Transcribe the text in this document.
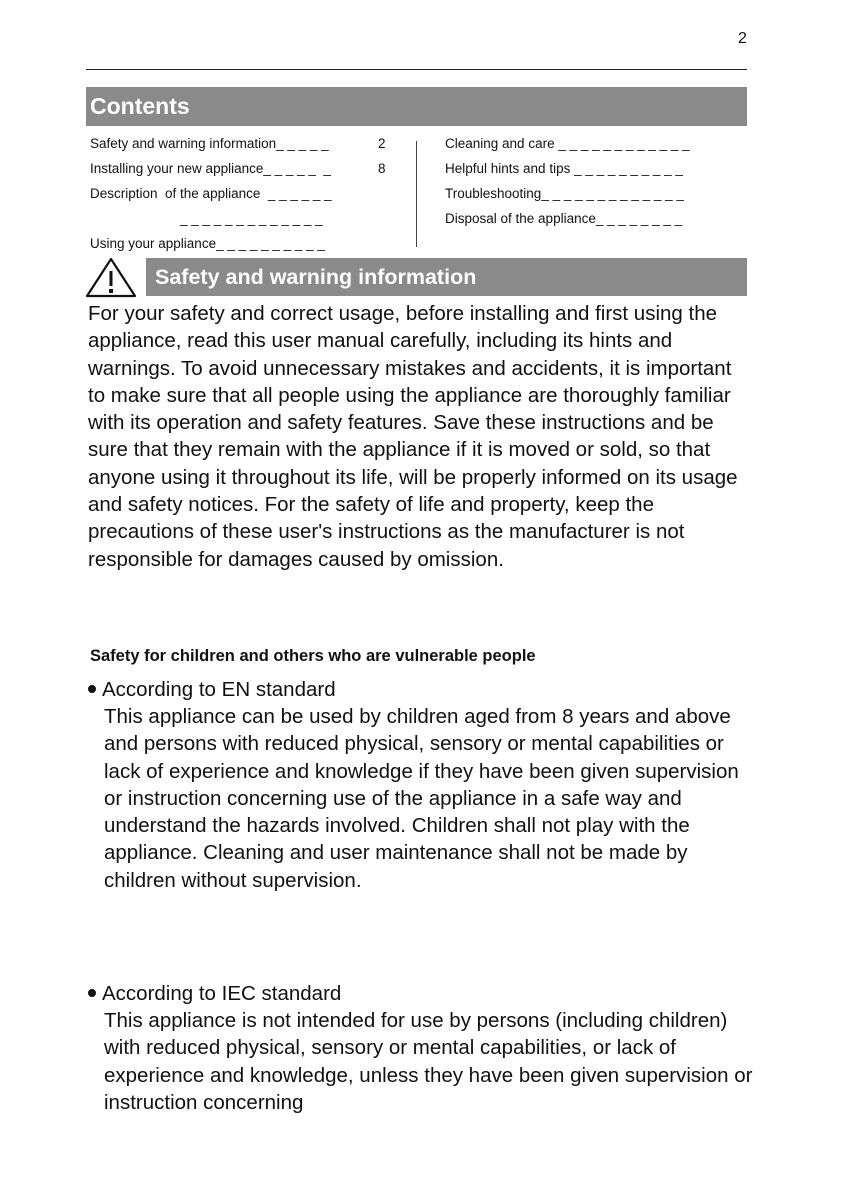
2
Contents
Safety and warning information_ _ _ _ _	2
Installing your new appliance_ _ _ _ _  _	8
Description  of the appliance  _ _ _ _ _ _
_ _ _ _ _ _ _ _ _ _ _ _ _
Using your appliance_ _ _ _ _ _ _ _ _ _
Cleaning and care _ _ _ _ _ _ _ _ _ _ _ _
Helpful hints and tips _ _ _ _ _ _ _ _ _ _
Troubleshooting_ _ _ _ _ _ _ _ _ _ _ _ _
Disposal of the appliance_ _ _ _ _ _ _ _
Safety and warning information

For your safety and correct usage, before installing and first using the appliance, read this user manual carefully, including its hints and warnings. To avoid unnecessary mistakes and accidents, it is important to make sure that all people using the appliance are thoroughly familiar with its operation and safety features. Save these instructions and be sure that they remain with the appliance if it is moved or sold, so that anyone using it throughout its life, will be properly informed on its usage and safety notices. For the safety of life and property, keep the precautions of these user's instructions as the manufacturer is not responsible for damages caused by omission.

Safety for children and others who are vulnerable people
According to EN standard

This appliance can be used by children aged from 8 years and above and persons with reduced physical, sensory or mental capabilities or lack of experience and knowledge if they have been given supervision or instruction concerning use of the appliance in a safe way and understand the hazards involved. Children shall not play with the appliance. Cleaning and user maintenance shall not be made by children without supervision.

According to IEC standard

This appliance is not intended for use by persons (including children) with reduced physical, sensory or mental capabilities, or lack of experience and knowledge, unless they have been given supervision or instruction concerning
